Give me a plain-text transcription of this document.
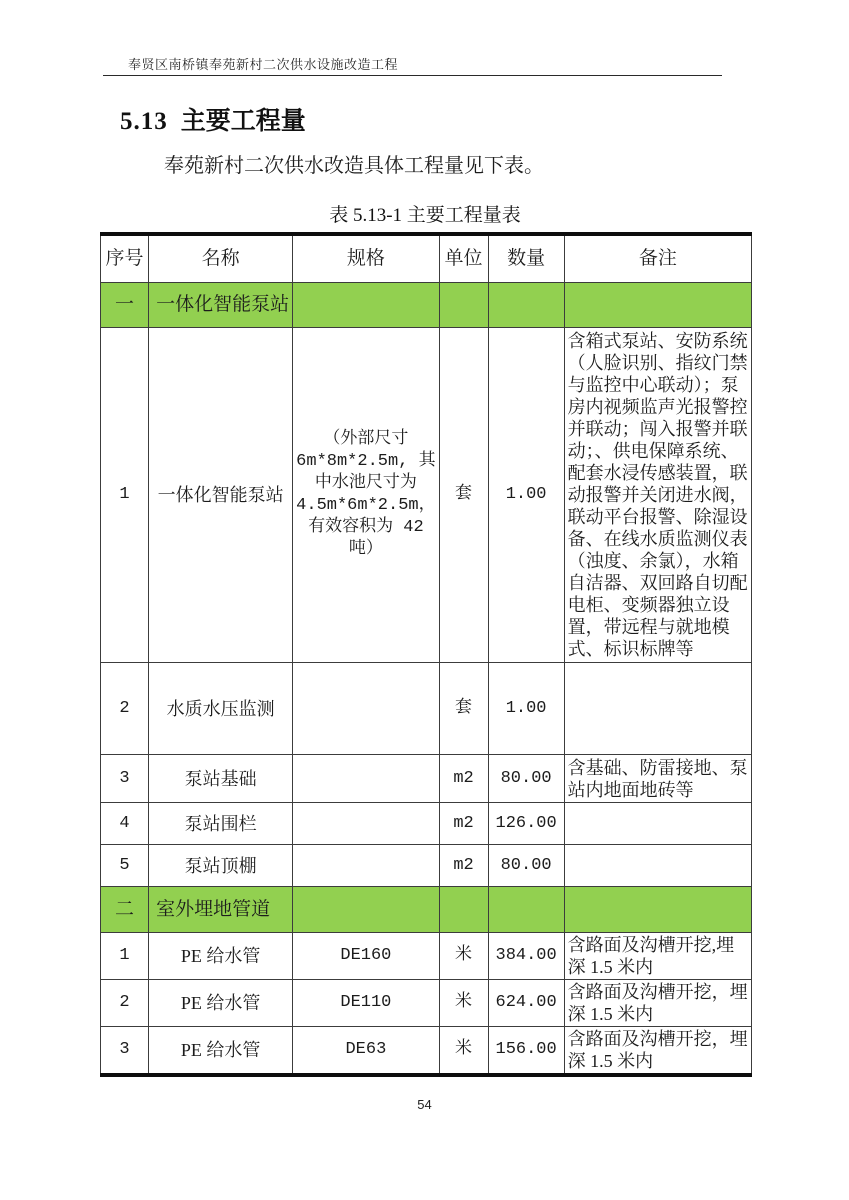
奉贤区南桥镇奉苑新村二次供水设施改造工程
5.13 主要工程量

奉苑新村二次供水改造具体工程量见下表。

表 5.13-1 主要工程量表
序号	名称	规格	单位	数量	备注
一	一体化智能泵站				
1	一体化智能泵站	（外部尺寸 6m*8m*2.5m, 其中水池尺寸为 4.5m*6m*2.5m，有效容积为 42 吨）	套	1.00	含箱式泵站、安防系统（人脸识别、指纹门禁与监控中心联动）；泵房内视频监声光报警控并联动；闯入报警并联动；、供电保障系统、配套水浸传感装置，联动报警并关闭进水阀，联动平台报警、除湿设备、在线水质监测仪表（浊度、余氯），水箱自洁器、双回路自切配电柜、变频器独立设置，带远程与就地模式、标识标牌等
2	水质水压监测		套	1.00	
3	泵站基础		m2	80.00	含基础、防雷接地、泵站内地面地砖等
4	泵站围栏		m2	126.00	
5	泵站顶棚		m2	80.00	
二	室外埋地管道				
1	PE 给水管	DE160	米	384.00	含路面及沟槽开挖,埋深 1.5 米内
2	PE 给水管	DE110	米	624.00	含路面及沟槽开挖，埋深 1.5 米内
3	PE 给水管	DE63	米	156.00	含路面及沟槽开挖，埋深 1.5 米内
54
